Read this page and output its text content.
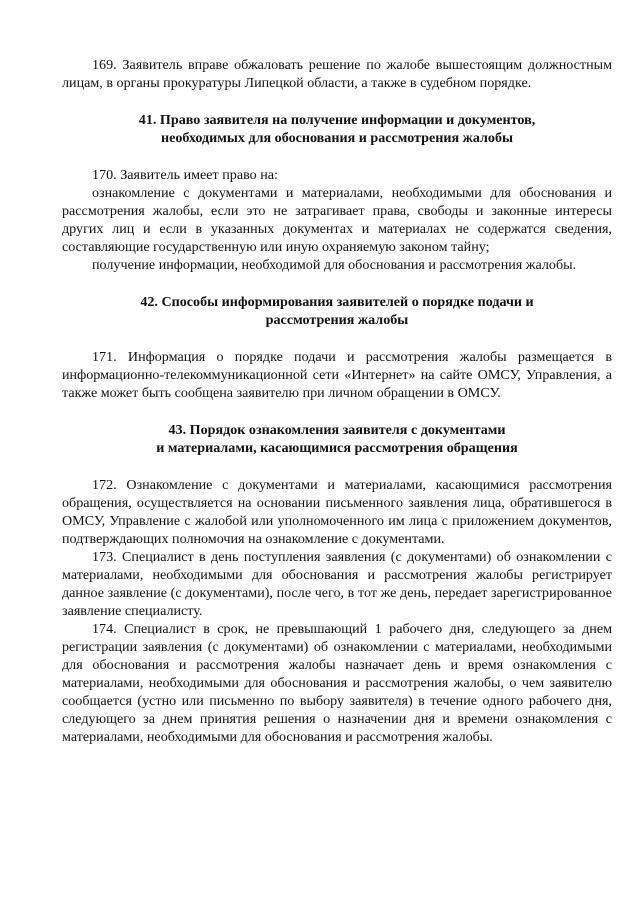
169. Заявитель вправе обжаловать решение по жалобе вышестоящим должностным лицам, в органы прокуратуры Липецкой области, а также в судебном порядке.

41. Право заявителя на получение информации и документов,
необходимых для обоснования и рассмотрения жалобы

170. Заявитель имеет право на:

ознакомление с документами и материалами, необходимыми для обоснования и рассмотрения жалобы, если это не затрагивает права, свободы и законные интересы других лиц и если в указанных документах и материалах не содержатся сведения, составляющие государственную или иную охраняемую законом тайну;

получение информации, необходимой для обоснования и рассмотрения жалобы.

42. Способы информирования заявителей о порядке подачи и
рассмотрения жалобы

171. Информация о порядке подачи и рассмотрения жалобы размещается в информационно-телекоммуникационной сети «Интернет» на сайте ОМСУ, Управления, а также может быть сообщена заявителю при личном обращении в ОМСУ.

43. Порядок ознакомления заявителя с документами
и материалами, касающимися рассмотрения обращения

172. Ознакомление с документами и материалами, касающимися рассмотрения обращения, осуществляется на основании письменного заявления лица, обратившегося в ОМСУ, Управление с жалобой или уполномоченного им лица с приложением документов, подтверждающих полномочия на ознакомление с документами.

173. Специалист в день поступления заявления (с документами) об ознакомлении с материалами, необходимыми для обоснования и рассмотрения жалобы регистрирует данное заявление (с документами), после чего, в тот же день, передает зарегистрированное заявление специалисту.

174. Специалист в срок, не превышающий 1 рабочего дня, следующего за днем регистрации заявления (с документами) об ознакомлении с материалами, необходимыми для обоснования и рассмотрения жалобы назначает день и время ознакомления с материалами, необходимыми для обоснования и рассмотрения жалобы, о чем заявителю сообщается (устно или письменно по выбору заявителя) в течение одного рабочего дня, следующего за днем принятия решения о назначении дня и времени ознакомления с материалами, необходимыми для обоснования и рассмотрения жалобы.
